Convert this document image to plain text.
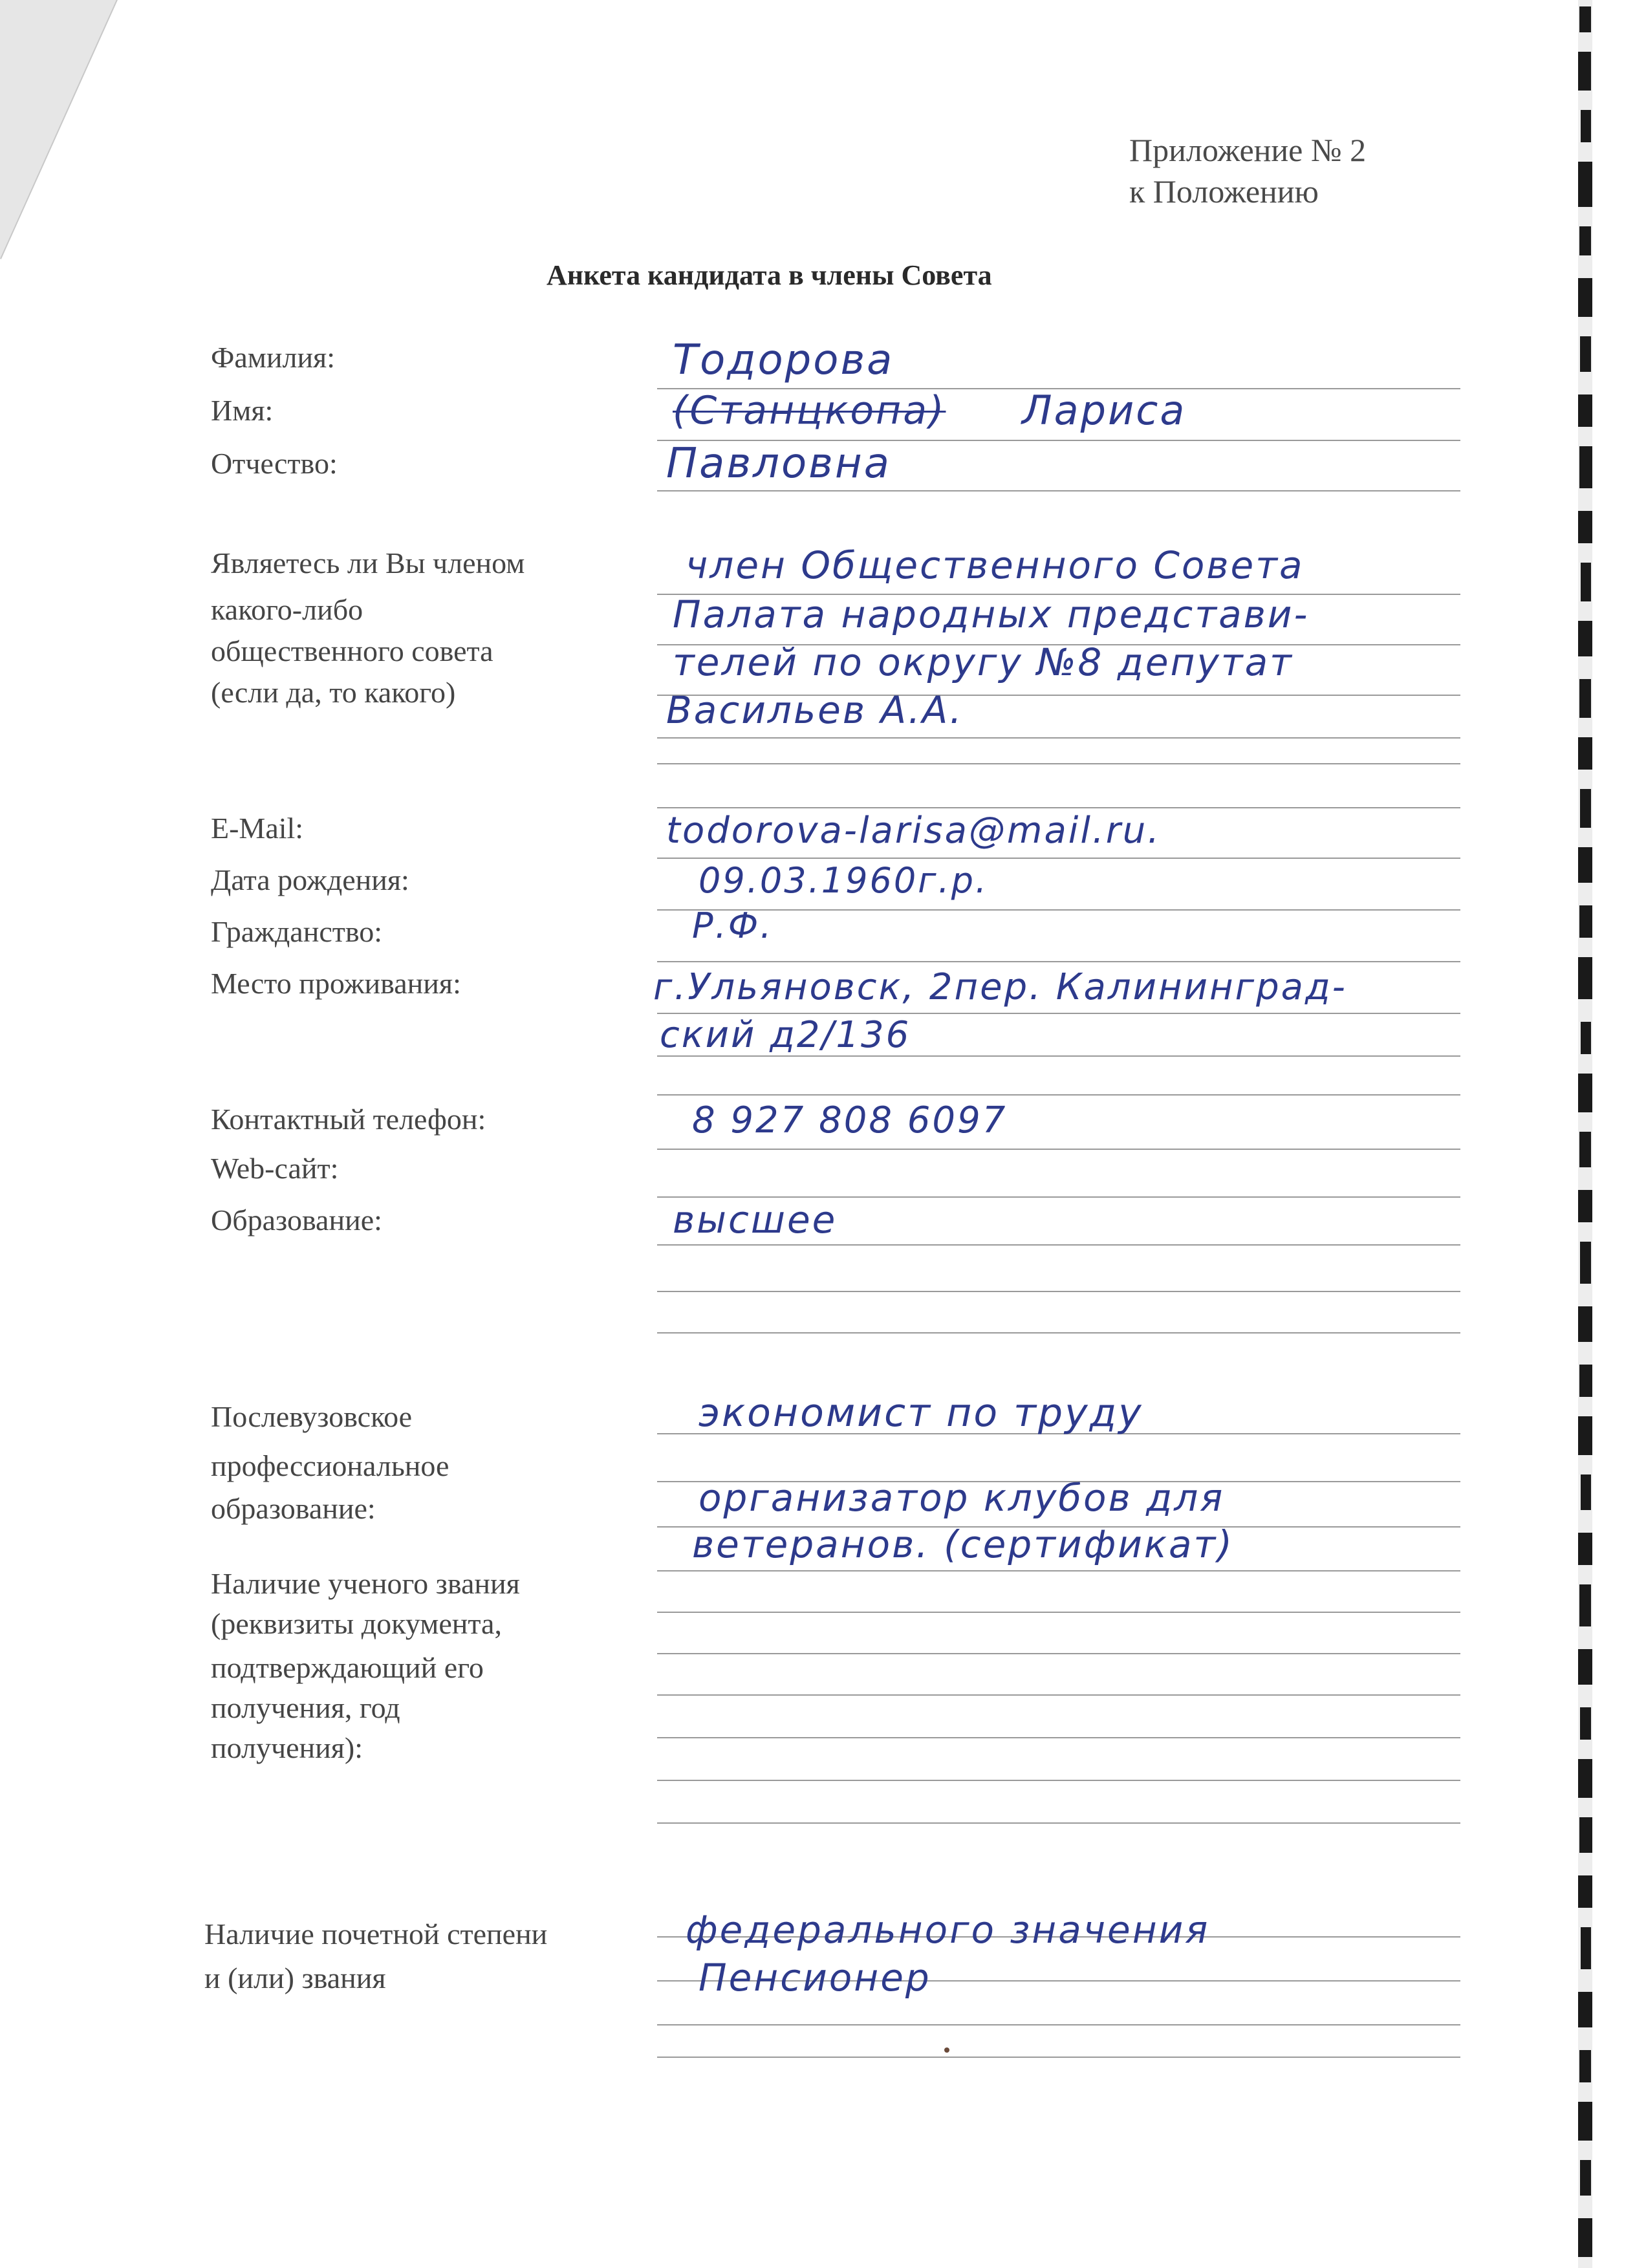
Приложение № 2
к Положению
Анкета кандидата в члены Совета
Фамилия:
Имя:
Отчество:
Являетесь ли Вы членом
какого-либо
общественного совета
(если да, то какого)
E-Mail:
Дата рождения:
Гражданство:
Место проживания:
Контактный телефон:
Web-сайт:
Образование:
Послевузовское
профессиональное
образование:
Наличие ученого звания
(реквизиты документа,
подтверждающий его
получения, год
получения):
Наличие почетной степени
и (или) звания
Тодорова
(Станцкопа) Лариса
Павловна
член Общественного Совета
Палата народных представи-
телей по округу №8 депутат
Васильев А.А.
todorova-larisa@mail.ru.
09.03.1960г.р.
Р.Ф.
г.Ульяновск, 2пер. Калининград-
ский д2/136
8 927 808 6097
высшее
экономист по труду
организатор клубов для
ветеранов. (сертификат)
федерального значения
Пенсионер
